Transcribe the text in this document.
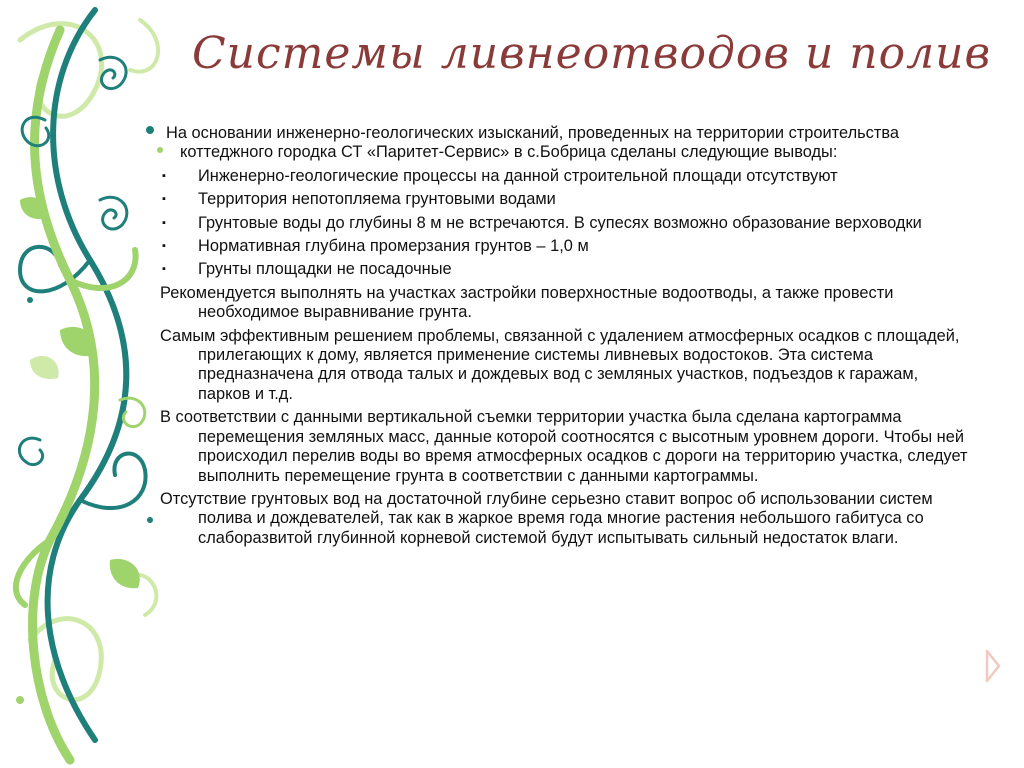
Системы ливнеотводов и полив

На основании инженерно-геологических изысканий, проведенных на территории строительства коттеджного городка СТ «Паритет-Сервис» в с.Бобрица сделаны следующие выводы:

▪ Инженерно-геологические процессы на данной строительной площади отсутствуют
▪ Территория непотопляема грунтовыми водами
▪ Грунтовые воды до глубины 8 м не встречаются. В супесях возможно образование верховодки
▪ Нормативная глубина промерзания грунтов – 1,0 м
▪ Грунты площадки не посадочные

Рекомендуется выполнять на участках застройки поверхностные водоотводы, а также провести необходимое выравнивание грунта.

Самым эффективным решением проблемы, связанной с удалением атмосферных осадков с площадей, прилегающих к дому, является применение системы ливневых водостоков. Эта система предназначена для отвода талых и дождевых вод с земляных участков, подъездов к гаражам, парков и т.д.

В соответствии с данными вертикальной съемки территории участка была сделана картограмма перемещения земляных масс, данные которой соотносятся с высотным уровнем дороги. Чтобы ней происходил перелив воды во время атмосферных осадков с дороги на территорию участка, следует выполнить перемещение грунта в соответствии с данными картограммы.

Отсутствие грунтовых вод на достаточной глубине серьезно ставит вопрос об использовании систем полива и дождевателей, так как в жаркое время года многие растения небольшого габитуса со слаборазвитой глубинной корневой системой будут испытывать сильный недостаток влаги.
